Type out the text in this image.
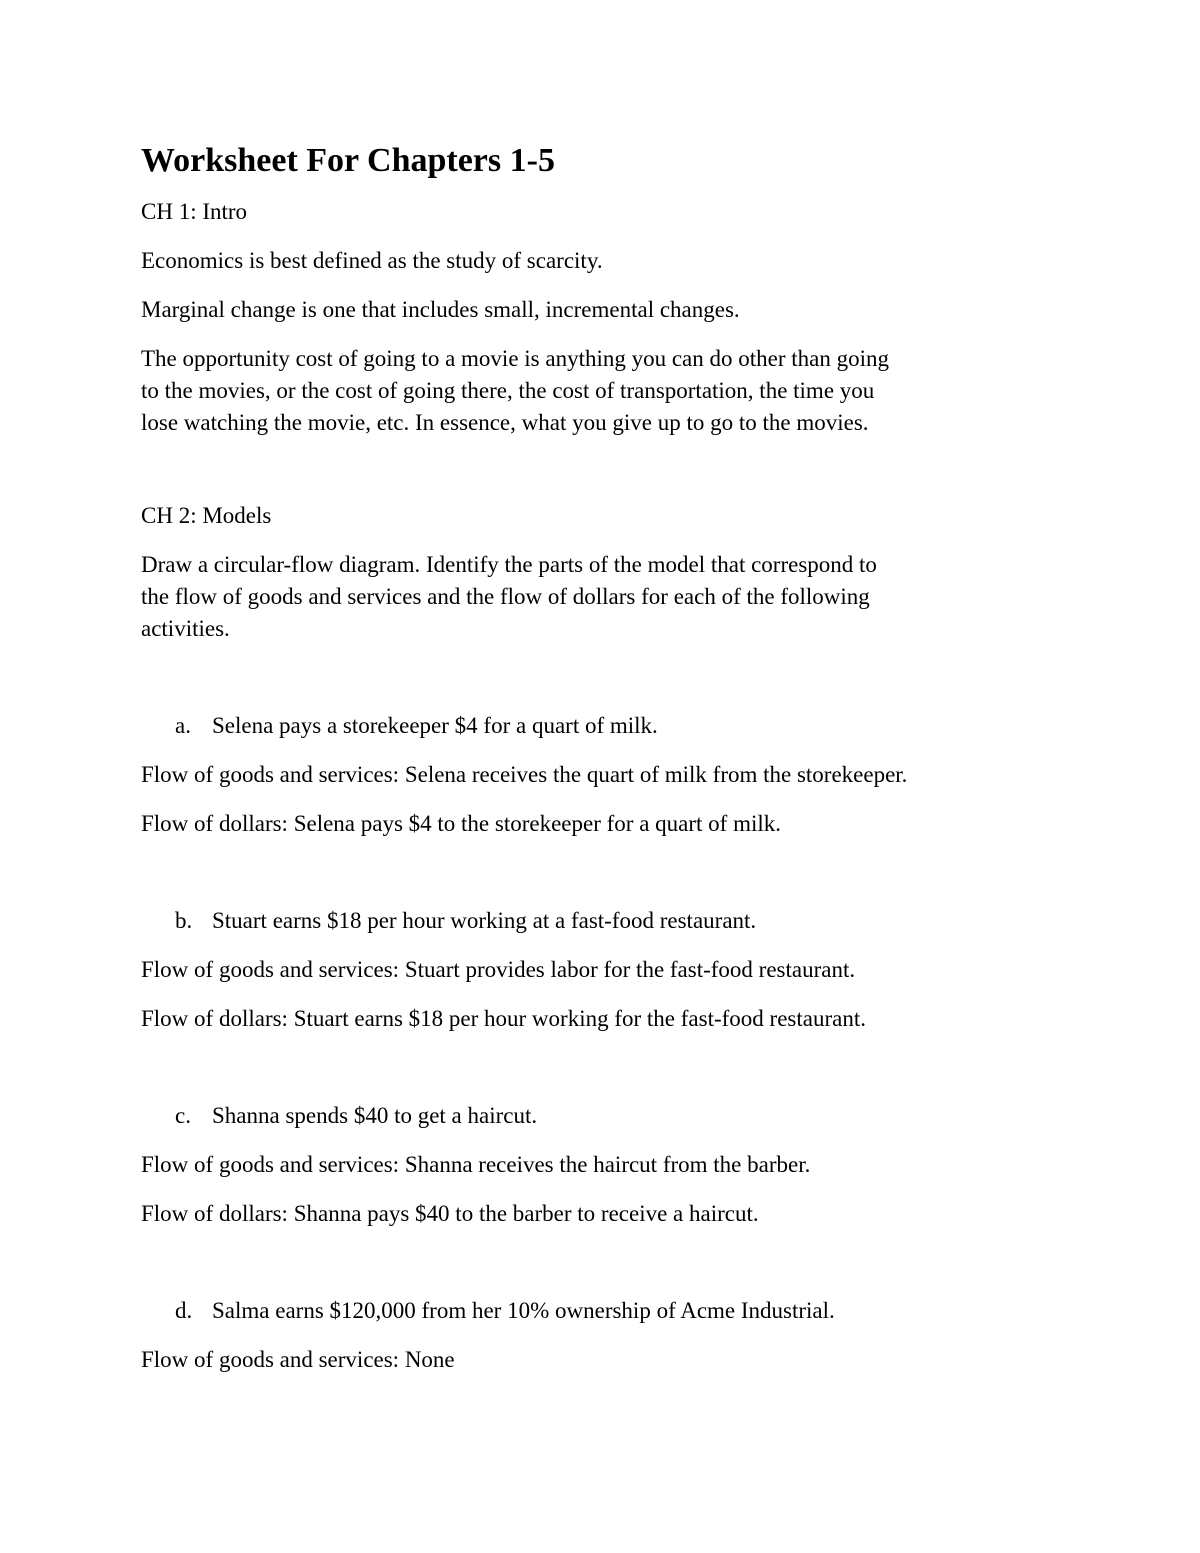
Worksheet For Chapters 1-5

CH 1: Intro

Economics is best defined as the study of scarcity.

Marginal change is one that includes small, incremental changes.

The opportunity cost of going to a movie is anything you can do other than going

to the movies, or the cost of going there, the cost of transportation, the time you

lose watching the movie, etc. In essence, what you give up to go to the movies.

CH 2: Models

Draw a circular-flow diagram. Identify the parts of the model that correspond to

the flow of goods and services and the flow of dollars for each of the following

activities.

a. Selena pays a storekeeper $4 for a quart of milk.

Flow of goods and services: Selena receives the quart of milk from the storekeeper.

Flow of dollars: Selena pays $4 to the storekeeper for a quart of milk.

b. Stuart earns $18 per hour working at a fast-food restaurant.

Flow of goods and services: Stuart provides labor for the fast-food restaurant.

Flow of dollars: Stuart earns $18 per hour working for the fast-food restaurant.

c. Shanna spends $40 to get a haircut.

Flow of goods and services: Shanna receives the haircut from the barber.

Flow of dollars: Shanna pays $40 to the barber to receive a haircut.

d. Salma earns $120,000 from her 10% ownership of Acme Industrial.

Flow of goods and services: None
